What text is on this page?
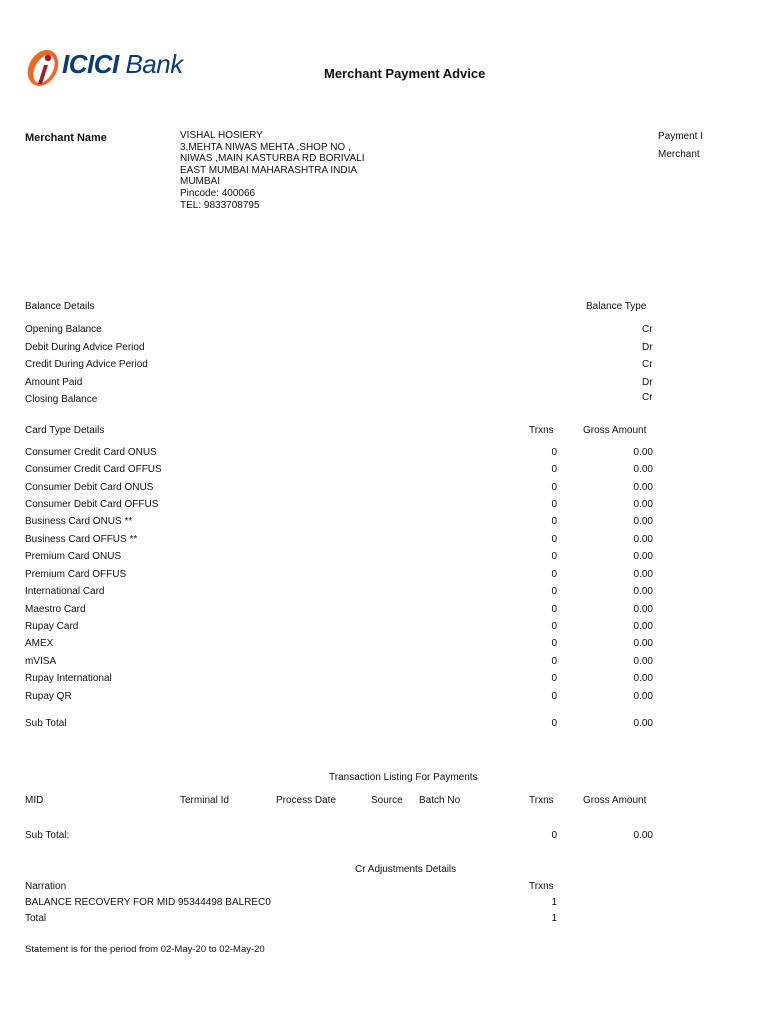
ICICI Bank	Merchant Payment Advice
Merchant Name	VISHAL HOSIERY
3,MEHTA NIWAS MEHTA ,SHOP NO ,
NIWAS ,MAIN KASTURBA RD BORIVALI
EAST MUMBAI MAHARASHTRA INDIA
MUMBAI
Pincode: 400066
TEL: 9833708795
Payment I
Merchant
Balance Details	Balance Type
Opening Balance	Cr
Debit During Advice Period	Dr
Credit During Advice Period	Cr
Amount Paid	Dr
Closing Balance	Cr
Card Type Details	Trxns	Gross Amount
Consumer Credit Card ONUS	0	0.00
Consumer Credit Card OFFUS	0	0.00
Consumer Debit Card ONUS	0	0.00
Consumer Debit Card OFFUS	0	0.00
Business Card ONUS **	0	0.00
Business Card OFFUS **	0	0.00
Premium Card ONUS	0	0.00
Premium Card OFFUS	0	0.00
International Card	0	0.00
Maestro Card	0	0.00
Rupay Card	0	0.00
AMEX	0	0.00
mVISA	0	0.00
Rupay International	0	0.00
Rupay QR	0	0.00
Sub Total	0	0.00
Transaction Listing For Payments
MID	Terminal Id	Process Date	Source Batch No	Trxns	Gross Amount
Sub Total:	0	0.00
Cr Adjustments Details
Narration	Trxns
BALANCE RECOVERY FOR MID 95344498 BALREC0	1
Total	1
Statement is for the period from 02-May-20 to 02-May-20
